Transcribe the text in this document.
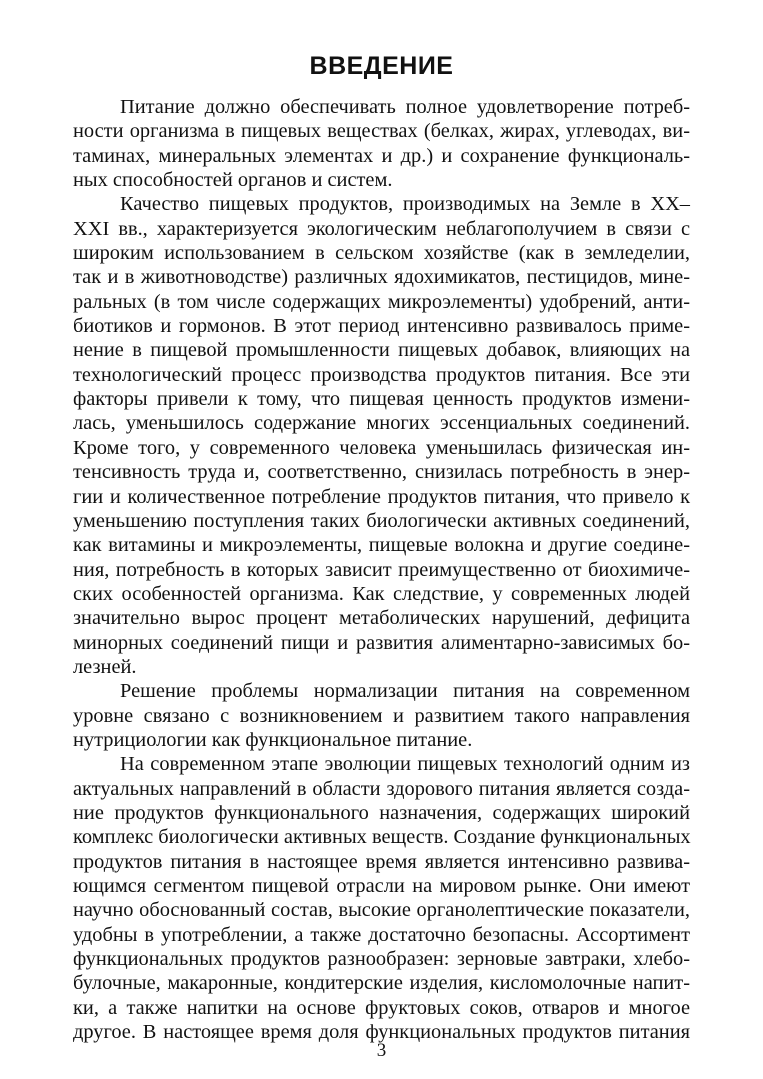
ВВЕДЕНИЕ
Питание должно обеспечивать полное удовлетворение потреб-
ности организма в пищевых веществах (белках, жирах, углеводах, ви-
таминах, минеральных элементах и др.) и сохранение функциональ-
ных способностей органов и систем.
Качество пищевых продуктов, производимых на Земле в XX–
XXI вв., характеризуется экологическим неблагополучием в связи с
широким использованием в сельском хозяйстве (как в земледелии,
так и в животноводстве) различных ядохимикатов, пестицидов, мине-
ральных (в том числе содержащих микроэлементы) удобрений, анти-
биотиков и гормонов. В этот период интенсивно развивалось приме-
нение в пищевой промышленности пищевых добавок, влияющих на
технологический процесс производства продуктов питания. Все эти
факторы привели к тому, что пищевая ценность продуктов измени-
лась, уменьшилось содержание многих эссенциальных соединений.
Кроме того, у современного человека уменьшилась физическая ин-
тенсивность труда и, соответственно, снизилась потребность в энер-
гии и количественное потребление продуктов питания, что привело к
уменьшению поступления таких биологически активных соединений,
как витамины и микроэлементы, пищевые волокна и другие соедине-
ния, потребность в которых зависит преимущественно от биохимиче-
ских особенностей организма. Как следствие, у современных людей
значительно вырос процент метаболических нарушений, дефицита
минорных соединений пищи и развития алиментарно-зависимых бо-
лезней.
Решение проблемы нормализации питания на современном
уровне связано с возникновением и развитием такого направления
нутрициологии как функциональное питание.
На современном этапе эволюции пищевых технологий одним из
актуальных направлений в области здорового питания является созда-
ние продуктов функционального назначения, содержащих широкий
комплекс биологически активных веществ. Создание функциональных
продуктов питания в настоящее время является интенсивно развива-
ющимся сегментом пищевой отрасли на мировом рынке. Они имеют
научно обоснованный состав, высокие органолептические показатели,
удобны в употреблении, а также достаточно безопасны. Ассортимент
функциональных продуктов разнообразен: зерновые завтраки, хлебо-
булочные, макаронные, кондитерские изделия, кисломолочные напит-
ки, а также напитки на основе фруктовых соков, отваров и многое
другое. В настоящее время доля функциональных продуктов питания
3
